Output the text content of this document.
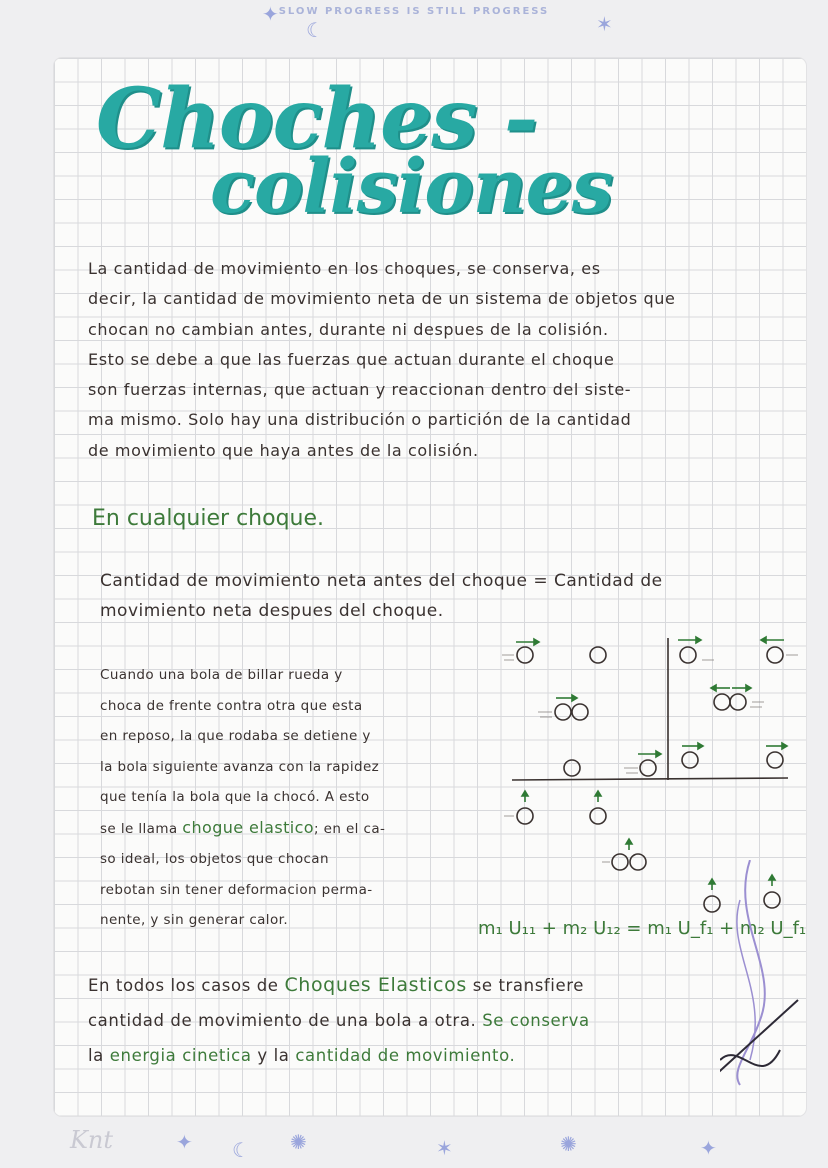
SLOW PROGRESS IS STILL PROGRESS
✦
☾	✶
Choches -
colisiones

La cantidad de movimiento en los choques, se conserva, es

decir, la cantidad de movimiento neta de un sistema de objetos que

chocan no cambian antes, durante ni despues de la colisión.

Esto se debe a que las fuerzas que actuan durante el choque

son fuerzas internas, que actuan y reaccionan dentro del siste-

ma mismo. Solo hay una distribución o partición de la cantidad

de movimiento que haya antes de la colisión.

En cualquier choque.
Cantidad de movimiento neta antes del choque = Cantidad de
movimiento neta despues del choque.

Cuando una bola de billar rueda y

choca de frente contra otra que esta

en reposo, la que rodaba se detiene y

la bola siguiente avanza con la rapidez

que tenía la bola que la chocó. A esto

se le llama chogue elastico; en el ca-

so ideal, los objetos que chocan

rebotan sin tener deformacion perma-

nente, y sin generar calor.	m₁ U₁₁ + m₂ U₁₂ = m₁ U_f₁ + m₂ U_f₁

En todos los casos de Choques Elasticos se transfiere

cantidad de movimiento de una bola a otra. Se conserva

la energia cinetica y la cantidad de movimiento.

Knt	✦ ☾ ✺	✶	✺	✦
